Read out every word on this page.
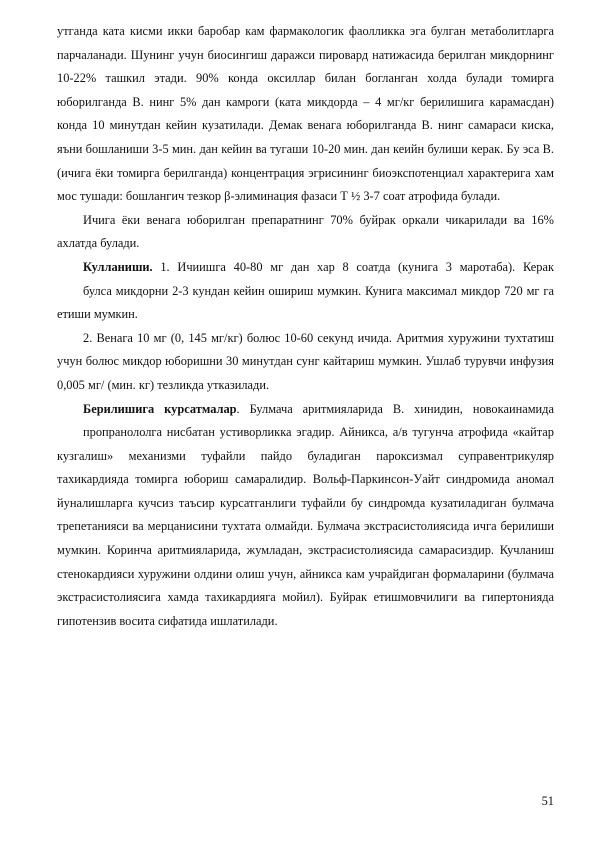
утганда ката кисми икки баробар кам фармакологик фаолликка эга булган метаболитларга парчаланади. Шунинг учун биосингиш даражси пировард натижасида берилган микдорнинг 10-22% ташкил этади. 90% конда оксиллар билан богланган холда булади томирга юборилганда В. нинг 5% дан камроги (ката микдорда – 4 мг/кг берилишига карамасдан) конда 10 минутдан кейин кузатилади. Демак венага юборилганда В. нинг самараси киска, яъни бошланиши 3-5 мин. дан кейин ва тугаши 10-20 мин. дан кеийн булиши керак. Бу эса В. (ичига ёки томирга берилганда) концентрация эгрисининг биоэкспотенциал характерига хам мос тушади: бошлангич тезкор β-элиминация фазаси Т ½ 3-7 соат атрофида булади.

Ичига ёки венага юборилган препаратнинг 70% буйрак оркали чикарилади ва 16% ахлатда булади.

Кулланиши. 1. Ичиишга 40-80 мг дан хар 8 соатда (кунига 3 маротаба). Керак

булса микдорни 2-3 кундан кейин ошириш мумкин. Кунига максимал микдор 720 мг га етиши мумкин.

2. Венага 10 мг (0, 145 мг/кг) болюс 10-60 секунд ичида. Аритмия хуружини тухтатиш учун болюс микдор юборишни 30 минутдан сунг кайтариш мумкин. Ушлаб турувчи инфузия 0,005 мг/ (мин. кг) тезликда утказилади.

Берилишига курсатмалар. Булмача аритмияларида В. хинидин, новокаинамида

пропранололга нисбатан устиворликка эгадир. Айникса, а/в тугунча атрофида «кайтар кузгалиш» механизми туфайли пайдо буладиган пароксизмал суправентрикуляр тахикардияда томирга юбориш самаралидир. Вольф-Паркинсон-Уайт синдромида аномал йуналишларга кучсиз таъсир курсатганлиги туфайли бу синдромда кузатиладиган булмача трепетанияси ва мерцанисини тухтата олмайди. Булмача экстрасистолиясида ичга берилиши мумкин. Коринча аритмияларида, жумладан, экстрасистолиясида самарасиздир. Кучланиш стенокардияси хуружини олдини олиш учун, айникса кам учрайдиган формаларини (булмача экстрасистолиясига хамда тахикардияга мойил). Буйрак етишмовчилиги ва гипертонияда гипотензив восита сифатида ишлатилади.

51
